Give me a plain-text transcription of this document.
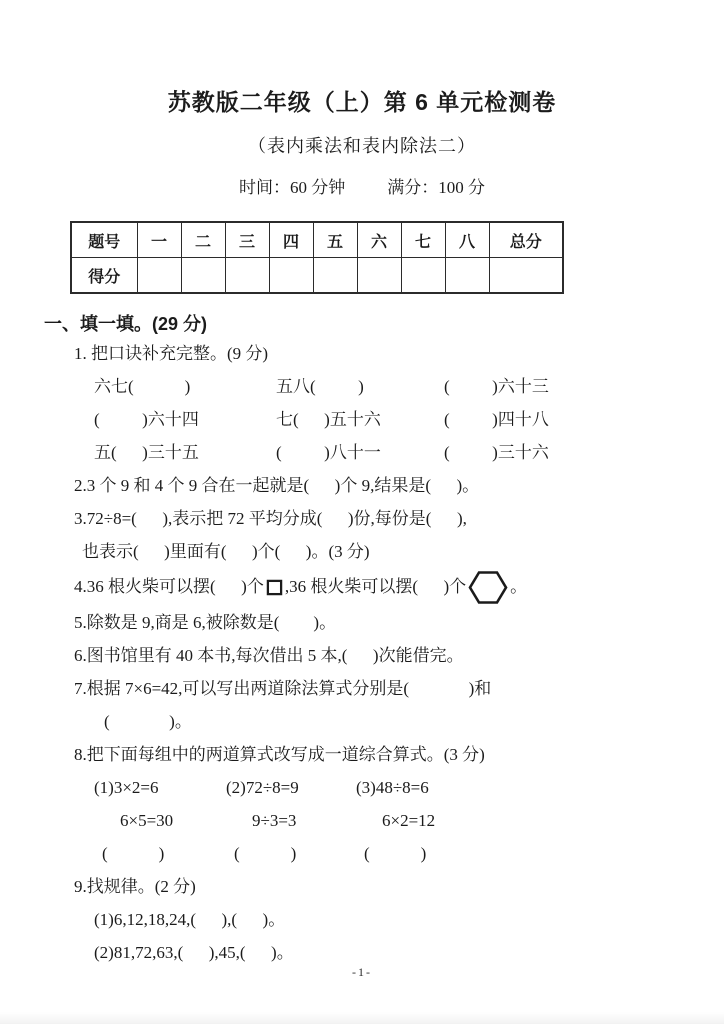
苏教版二年级（上）第 6 单元检测卷
（表内乘法和表内除法二）
时间：60 分钟 满分：100 分
题号	一	二	三	四	五	六	七	八	总分
得分									
一、填一填。(29 分)
1. 把口诀补充完整。(9 分)
六七(            )	五八(          )	(          )六十三
(          )六十四	七(      )五十六	(          )四十八
五(      )三十五	(          )八十一	(          )三十六
2.3 个 9 和 4 个 9 合在一起就是(      )个 9,结果是(      )。
3.72÷8=(      ),表示把 72 平均分成(      )份,每份是(      ),
也表示(      )里面有(      )个(      )。(3 分)
4.36 根火柴可以摆(      )个 ,36 根火柴可以摆(      )个	。
5.除数是 9,商是 6,被除数是(        )。
6.图书馆里有 40 本书,每次借出 5 本,(      )次能借完。
7.根据 7×6=42,可以写出两道除法算式分别是(              )和
(              )。
8.把下面每组中的两道算式改写成一道综合算式。(3 分)
(1)3×2=6
6×5=30
(            )
(2)72÷8=9
9÷3=3
(            )
(3)48÷8=6
6×2=12
(            )
9.找规律。(2 分)
(1)6,12,18,24,(      ),(      )。
(2)81,72,63,(      ),45,(      )。
-1-
